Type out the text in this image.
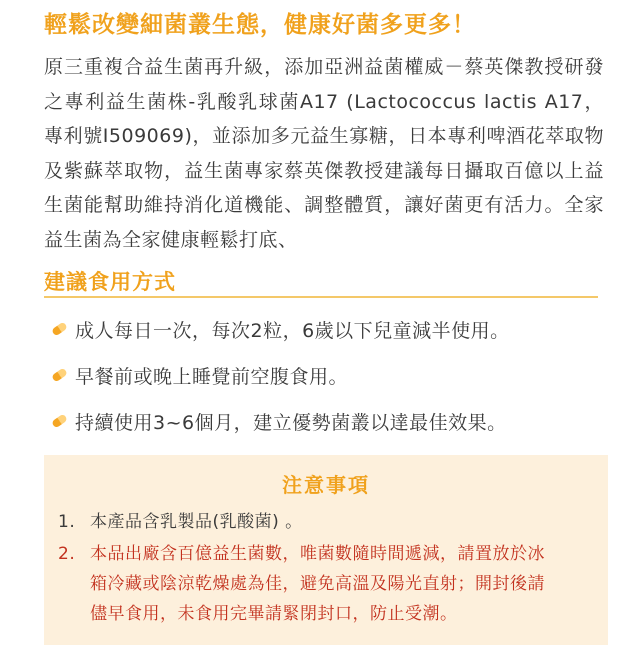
輕鬆改變細菌叢生態，健康好菌多更多！

原三重複合益生菌再升級，添加亞洲益菌權威－蔡英傑教授研發之專利益生菌株-乳酸乳球菌A17 (Lactococcus lactis A17，專利號I509069)，並添加多元益生寡糖，日本專利啤酒花萃取物及紫蘇萃取物，益生菌專家蔡英傑教授建議每日攝取百億以上益生菌能幫助維持消化道機能、調整體質，讓好菌更有活力。全家益生菌為全家健康輕鬆打底、

建議食用方式
成人每日一次，每次2粒，6歲以下兒童減半使用。
早餐前或晚上睡覺前空腹食用。
持續使用3~6個月，建立優勢菌叢以達最佳效果。
注意事項

1. 本產品含乳製品(乳酸菌) 。

2. 本品出廠含百億益生菌數，唯菌數隨時間遞減，請置放於冰
箱冷藏或陰涼乾燥處為佳，避免高溫及陽光直射；開封後請
儘早食用，未食用完畢請緊閉封口，防止受潮。
